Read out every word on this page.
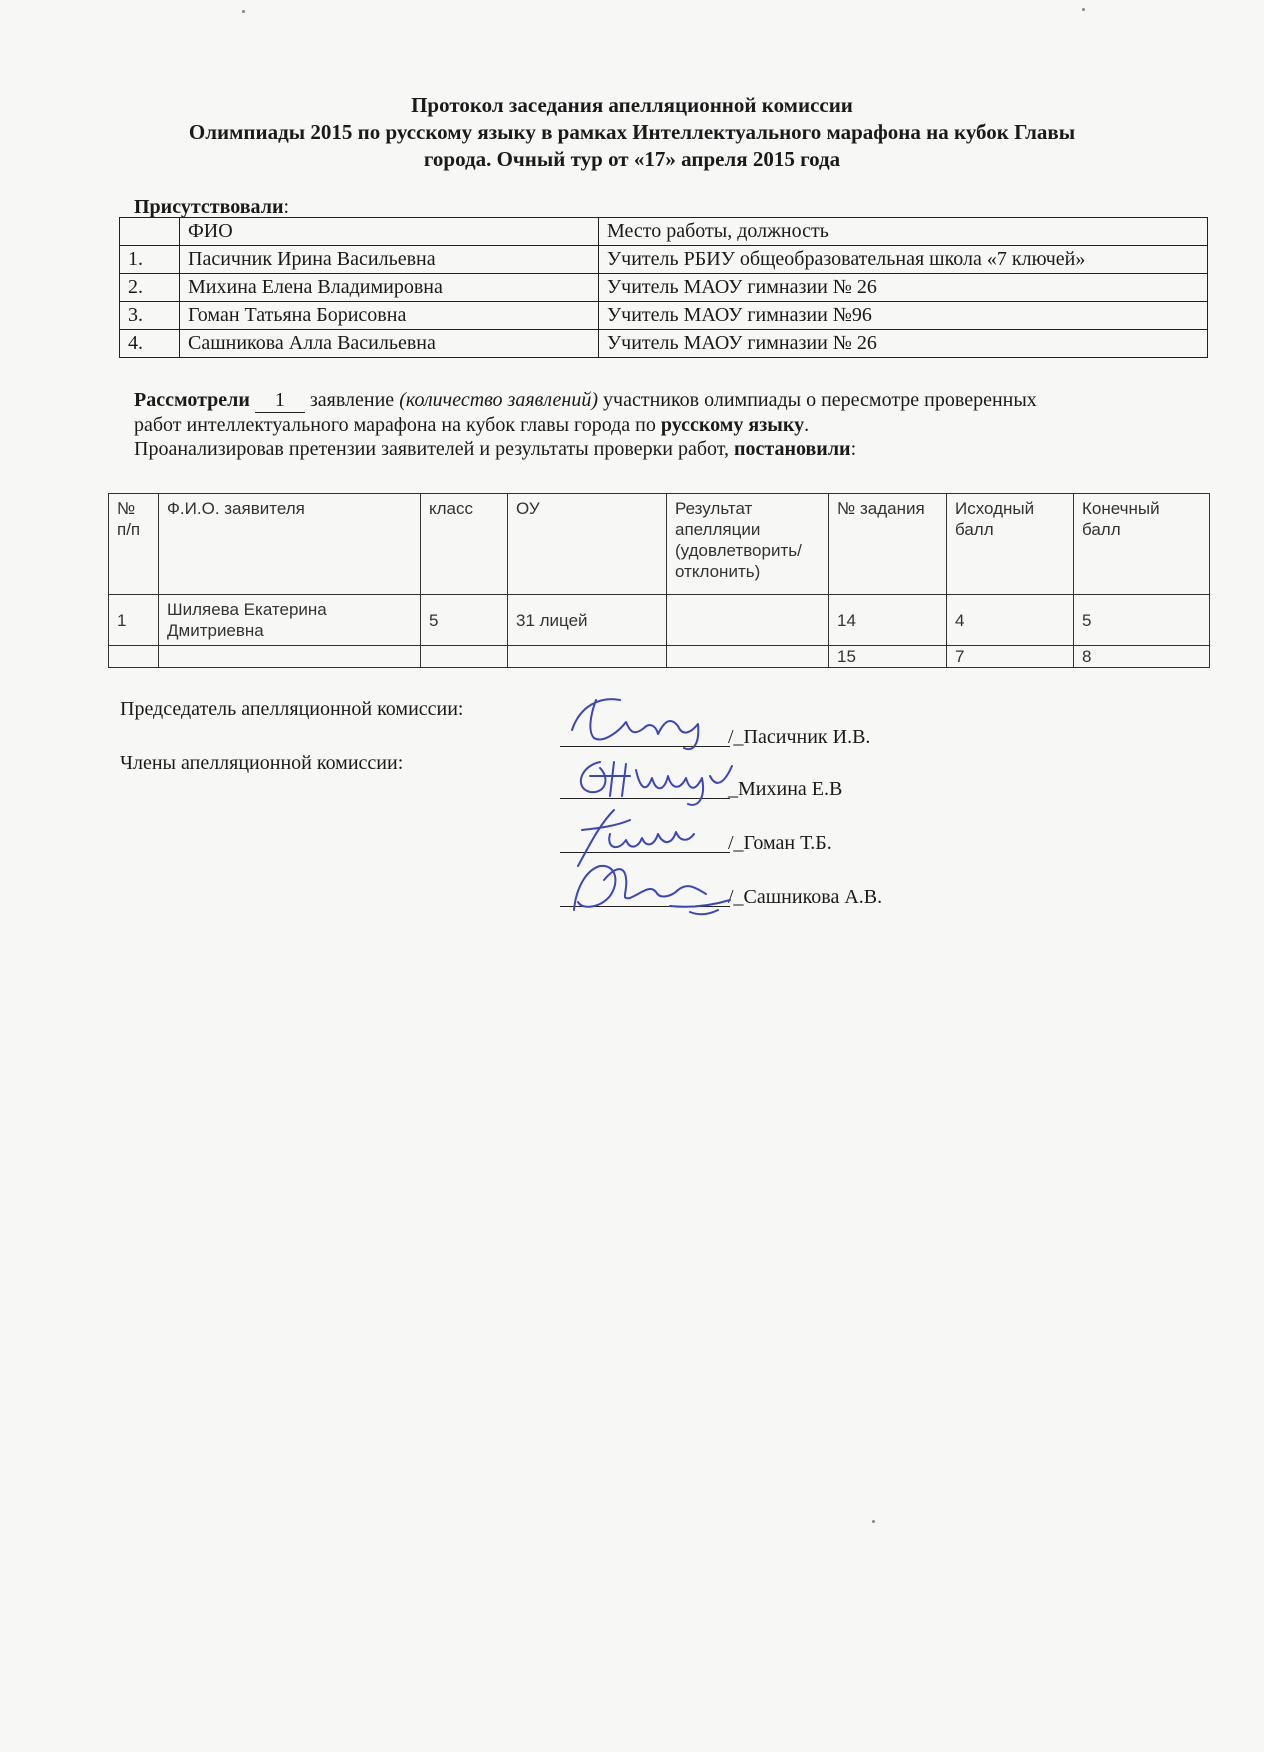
Протокол заседания апелляционной комиссии
Олимпиады 2015 по русскому языку в рамках Интеллектуального марафона на кубок Главы
города. Очный тур от «17» апреля 2015 года
Присутствовали:
	ФИО	Место работы, должность
1.	Пасичник Ирина Васильевна	Учитель РБИУ общеобразовательная школа «7 ключей»
2.	Михина Елена Владимировна	Учитель МАОУ гимназии № 26
3.	Гоман Татьяна Борисовна	Учитель МАОУ гимназии №96
4.	Сашникова Алла Васильевна	Учитель МАОУ гимназии № 26
Рассмотрели 1 заявление (количество заявлений) участников олимпиады о пересмотре проверенных
работ интеллектуального марафона на кубок главы города по русскому языку.
Проанализировав претензии заявителей и результаты проверки работ, постановили:
№ п/п	Ф.И.О. заявителя	класс	ОУ	Результат апелляции (удовлетворить/ отклонить)	№ задания	Исходный балл	Конечный балл
1	Шиляева Екатерина Дмитриевна	5	31 лицей		14	4	5
					15	7	8
Председатель апелляционной комиссии:
Члены апелляционной комиссии:
/_Пасичник И.В.
_Михина Е.В
/_Гоман Т.Б.
/_Сашникова А.В.
